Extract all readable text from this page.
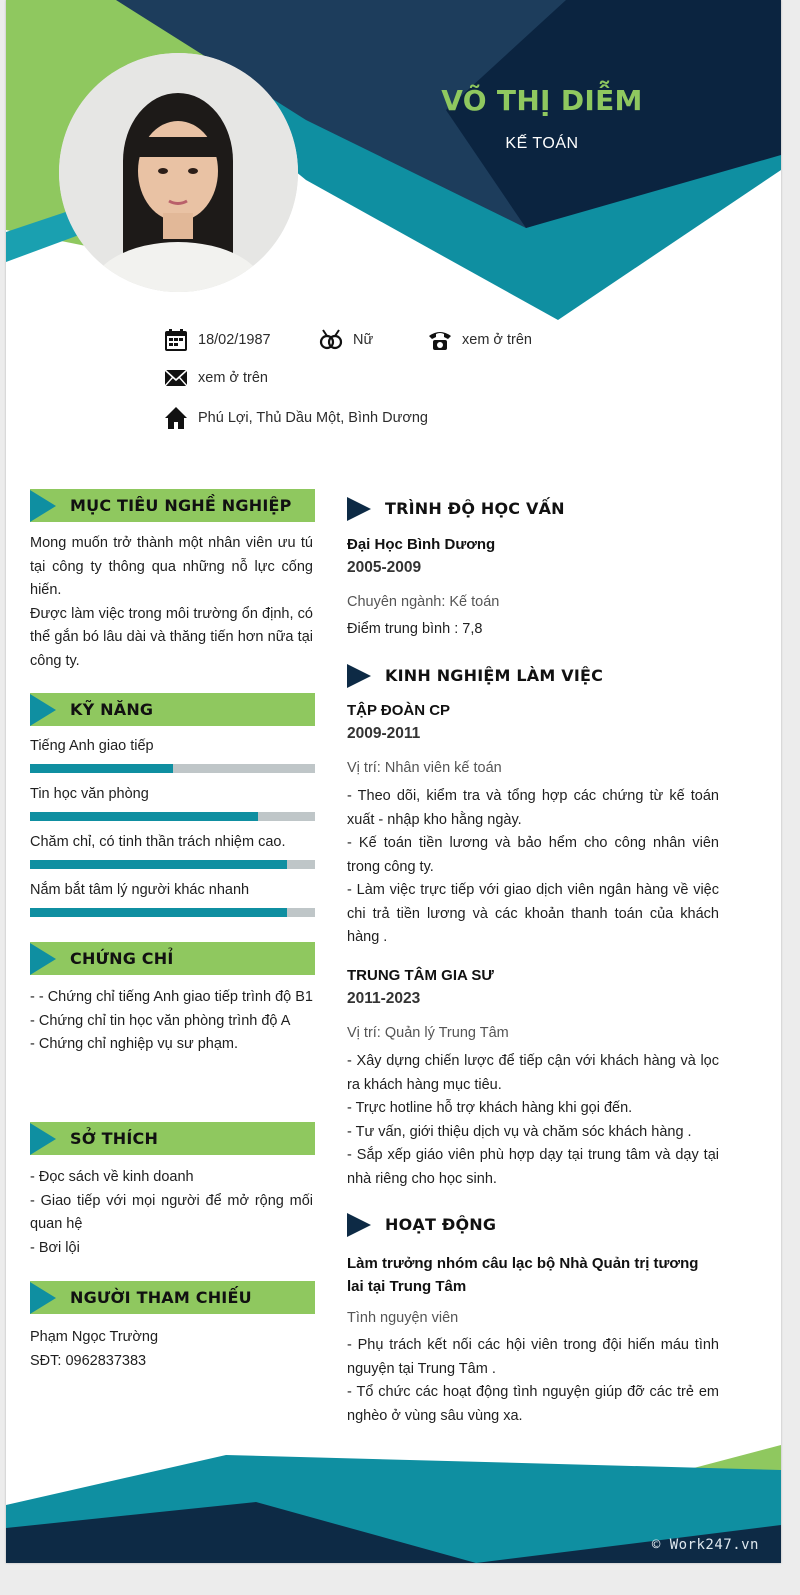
VÕ THỊ DIỄM
KẾ TOÁN
18/02/1987	Nữ	xem ở trên
xem ở trên
Phú Lợi, Thủ Dầu Một, Bình Dương
MỤC TIÊU NGHỀ NGHIỆP

Mong muốn trở thành một nhân viên ưu tú tại công ty thông qua những nỗ lực cống hiến.

Được làm việc trong môi trường ổn định, có thể gắn bó lâu dài và thăng tiến hơn nữa tại công ty.

KỸ NĂNG
Tiếng Anh giao tiếp
Tin học văn phòng
Chăm chỉ, có tinh thần trách nhiệm cao.
Nắm bắt tâm lý người khác nhanh
CHỨNG CHỈ

- - Chứng chỉ tiếng Anh giao tiếp trình độ B1

- Chứng chỉ tin học văn phòng trình độ A

- Chứng chỉ nghiệp vụ sư phạm.

SỞ THÍCH

- Đọc sách về kinh doanh

- Giao tiếp với mọi người để mở rộng mối quan hệ

- Bơi lội

NGƯỜI THAM CHIẾU

Phạm Ngọc Trường

SĐT: 0962837383

TRÌNH ĐỘ HỌC VẤN
Đại Học Bình Dương
2005-2009
Chuyên ngành: Kế toán
Điểm trung bình : 7,8
KINH NGHIỆM LÀM VIỆC
TẬP ĐOÀN CP
2009-2011
Vị trí: Nhân viên kế toán

- Theo dõi, kiểm tra và tổng hợp các chứng từ kế toán xuất - nhập kho hằng ngày.

- Kế toán tiền lương và bảo hểm cho công nhân viên trong công ty.

- Làm việc trực tiếp với giao dịch viên ngân hàng về việc chi trả tiền lương và các khoản thanh toán của khách hàng .

TRUNG TÂM GIA SƯ
2011-2023
Vị trí: Quản lý Trung Tâm

- Xây dựng chiến lược để tiếp cận với khách hàng và lọc ra khách hàng mục tiêu.

- Trực hotline hỗ trợ khách hàng khi gọi đến.

- Tư vấn, giới thiệu dịch vụ và chăm sóc khách hàng .

- Sắp xếp giáo viên phù hợp dạy tại trung tâm và dạy tại nhà riêng cho học sinh.

HOẠT ĐỘNG
Làm trưởng nhóm câu lạc bộ Nhà Quản trị tương lai tại Trung Tâm
Tình nguyện viên

- Phụ trách kết nối các hội viên trong đội hiến máu tình nguyện tại Trung Tâm .

- Tổ chức các hoạt động tình nguyện giúp đỡ các trẻ em nghèo ở vùng sâu vùng xa.

© Work247.vn
